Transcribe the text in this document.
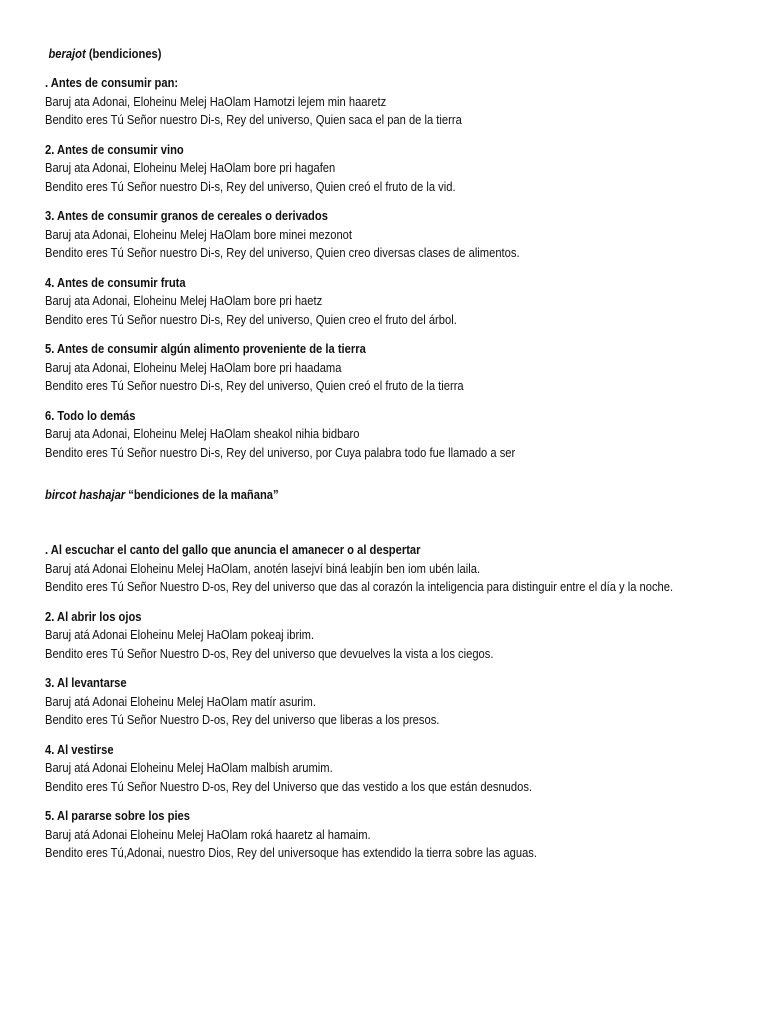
berajot (bendiciones)
. Antes de consumir pan:
Baruj ata Adonai, Eloheinu Melej HaOlam Hamotzi lejem min haaretz
Bendito eres Tú Señor nuestro Di-s, Rey del universo, Quien saca el pan de la tierra
2. Antes de consumir vino
Baruj ata Adonai, Eloheinu Melej HaOlam bore pri hagafen
Bendito eres Tú Señor nuestro Di-s, Rey del universo, Quien creó el fruto de la vid.
3. Antes de consumir granos de cereales o derivados
Baruj ata Adonai, Eloheinu Melej HaOlam bore minei mezonot
Bendito eres Tú Señor nuestro Di-s, Rey del universo, Quien creo diversas clases de alimentos.
4. Antes de consumir fruta
Baruj ata Adonai, Eloheinu Melej HaOlam bore pri haetz
Bendito eres Tú Señor nuestro Di-s, Rey del universo, Quien creo el fruto del árbol.
5. Antes de consumir algún alimento proveniente de la tierra
Baruj ata Adonai, Eloheinu Melej HaOlam bore pri haadama
Bendito eres Tú Señor nuestro Di-s, Rey del universo, Quien creó el fruto de la tierra
6. Todo lo demás
Baruj ata Adonai, Eloheinu Melej HaOlam sheakol nihia bidbaro
Bendito eres Tú Señor nuestro Di-s, Rey del universo, por Cuya palabra todo fue llamado a ser
bircot hashajar “bendiciones de la mañana”
. Al escuchar el canto del gallo que anuncia el amanecer o al despertar
Baruj atá Adonai Eloheinu Melej HaOlam, anotén lasejví biná leabjín ben iom ubén laila.
Bendito eres Tú Señor Nuestro D-os, Rey del universo que das al corazón la inteligencia para distinguir entre el día y la noche.
2. Al abrir los ojos
Baruj atá Adonai Eloheinu Melej HaOlam pokeaj ibrim.
Bendito eres Tú Señor Nuestro D-os, Rey del universo que devuelves la vista a los ciegos.
3. Al levantarse
Baruj atá Adonai Eloheinu Melej HaOlam matír asurim.
Bendito eres Tú Señor Nuestro D-os, Rey del universo que liberas a los presos.
4. Al vestirse
Baruj atá Adonai Eloheinu Melej HaOlam malbish arumim.
Bendito eres Tú Señor Nuestro D-os, Rey del Universo que das vestido a los que están desnudos.
5. Al pararse sobre los pies
Baruj atá Adonai Eloheinu Melej HaOlam roká haaretz al hamaim.
Bendito eres Tú,Adonai, nuestro Dios, Rey del universoque has extendido la tierra sobre las aguas.
